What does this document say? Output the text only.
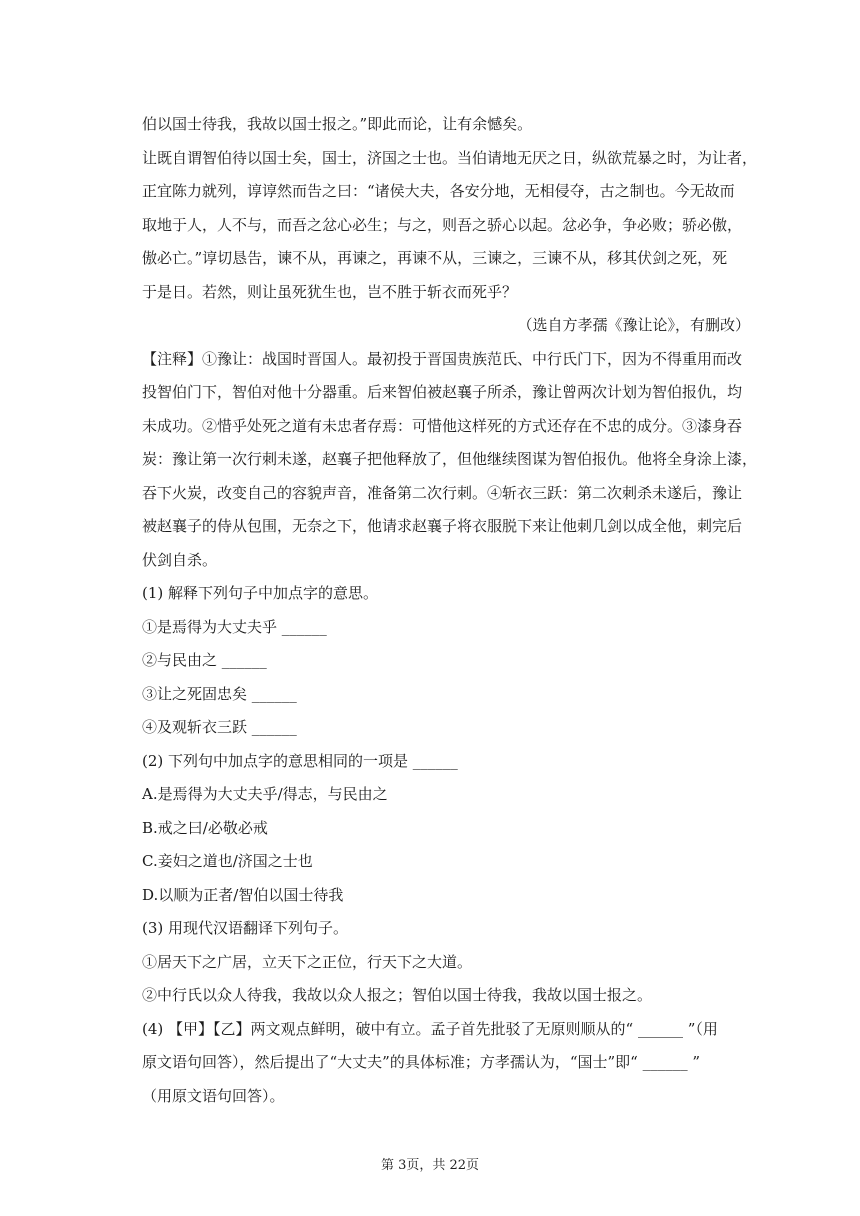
伯以国士待我，我故以国士报之。”即此而论，让有余憾矣。
让既自谓智伯待以国士矣，国士，济国之士也。当伯请地无厌之日，纵欲荒暴之时，为让者，
正宜陈力就列，谆谆然而告之曰：“诸侯大夫，各安分地，无相侵夺，古之制也。今无故而
取地于人，人不与，而吾之忿心必生；与之，则吾之骄心以起。忿必争，争必败；骄必傲，
傲必亡。”谆切恳告，谏不从，再谏之，再谏不从，三谏之，三谏不从，移其伏剑之死，死
于是日。若然，则让虽死犹生也，岂不胜于斩衣而死乎？
（选自方孝孺《豫让论》，有删改）
【注释】①豫让：战国时晋国人。最初投于晋国贵族范氏、中行氏门下，因为不得重用而改
投智伯门下，智伯对他十分器重。后来智伯被赵襄子所杀，豫让曾两次计划为智伯报仇，均
未成功。②惜乎处死之道有未忠者存焉：可惜他这样死的方式还存在不忠的成分。③漆身吞
炭：豫让第一次行刺未遂，赵襄子把他释放了，但他继续图谋为智伯报仇。他将全身涂上漆，
吞下火炭，改变自己的容貌声音，准备第二次行刺。④斩衣三跃：第二次刺杀未遂后，豫让
被赵襄子的侍从包围，无奈之下，他请求赵襄子将衣服脱下来让他刺几剑以成全他，刺完后
伏剑自杀。
(1) 解释下列句子中加点字的意思。
①是焉得为大丈夫乎 ______
②与民由之 ______
③让之死固忠矣 ______
④及观斩衣三跃 ______
(2) 下列句中加点字的意思相同的一项是 ______
A.是焉得为大丈夫乎/得志，与民由之
B.戒之曰/必敬必戒
C.妾妇之道也/济国之士也
D.以顺为正者/智伯以国士待我
(3) 用现代汉语翻译下列句子。
①居天下之广居，立天下之正位，行天下之大道。
②中行氏以众人待我，我故以众人报之；智伯以国士待我，我故以国士报之。
(4) 【甲】【乙】两文观点鲜明，破中有立。孟子首先批驳了无原则顺从的“ ______ ”（用
原文语句回答），然后提出了“大丈夫”的具体标准；方孝孺认为，“国士”即“ ______ ”
（用原文语句回答）。
第 3页，共 22页
